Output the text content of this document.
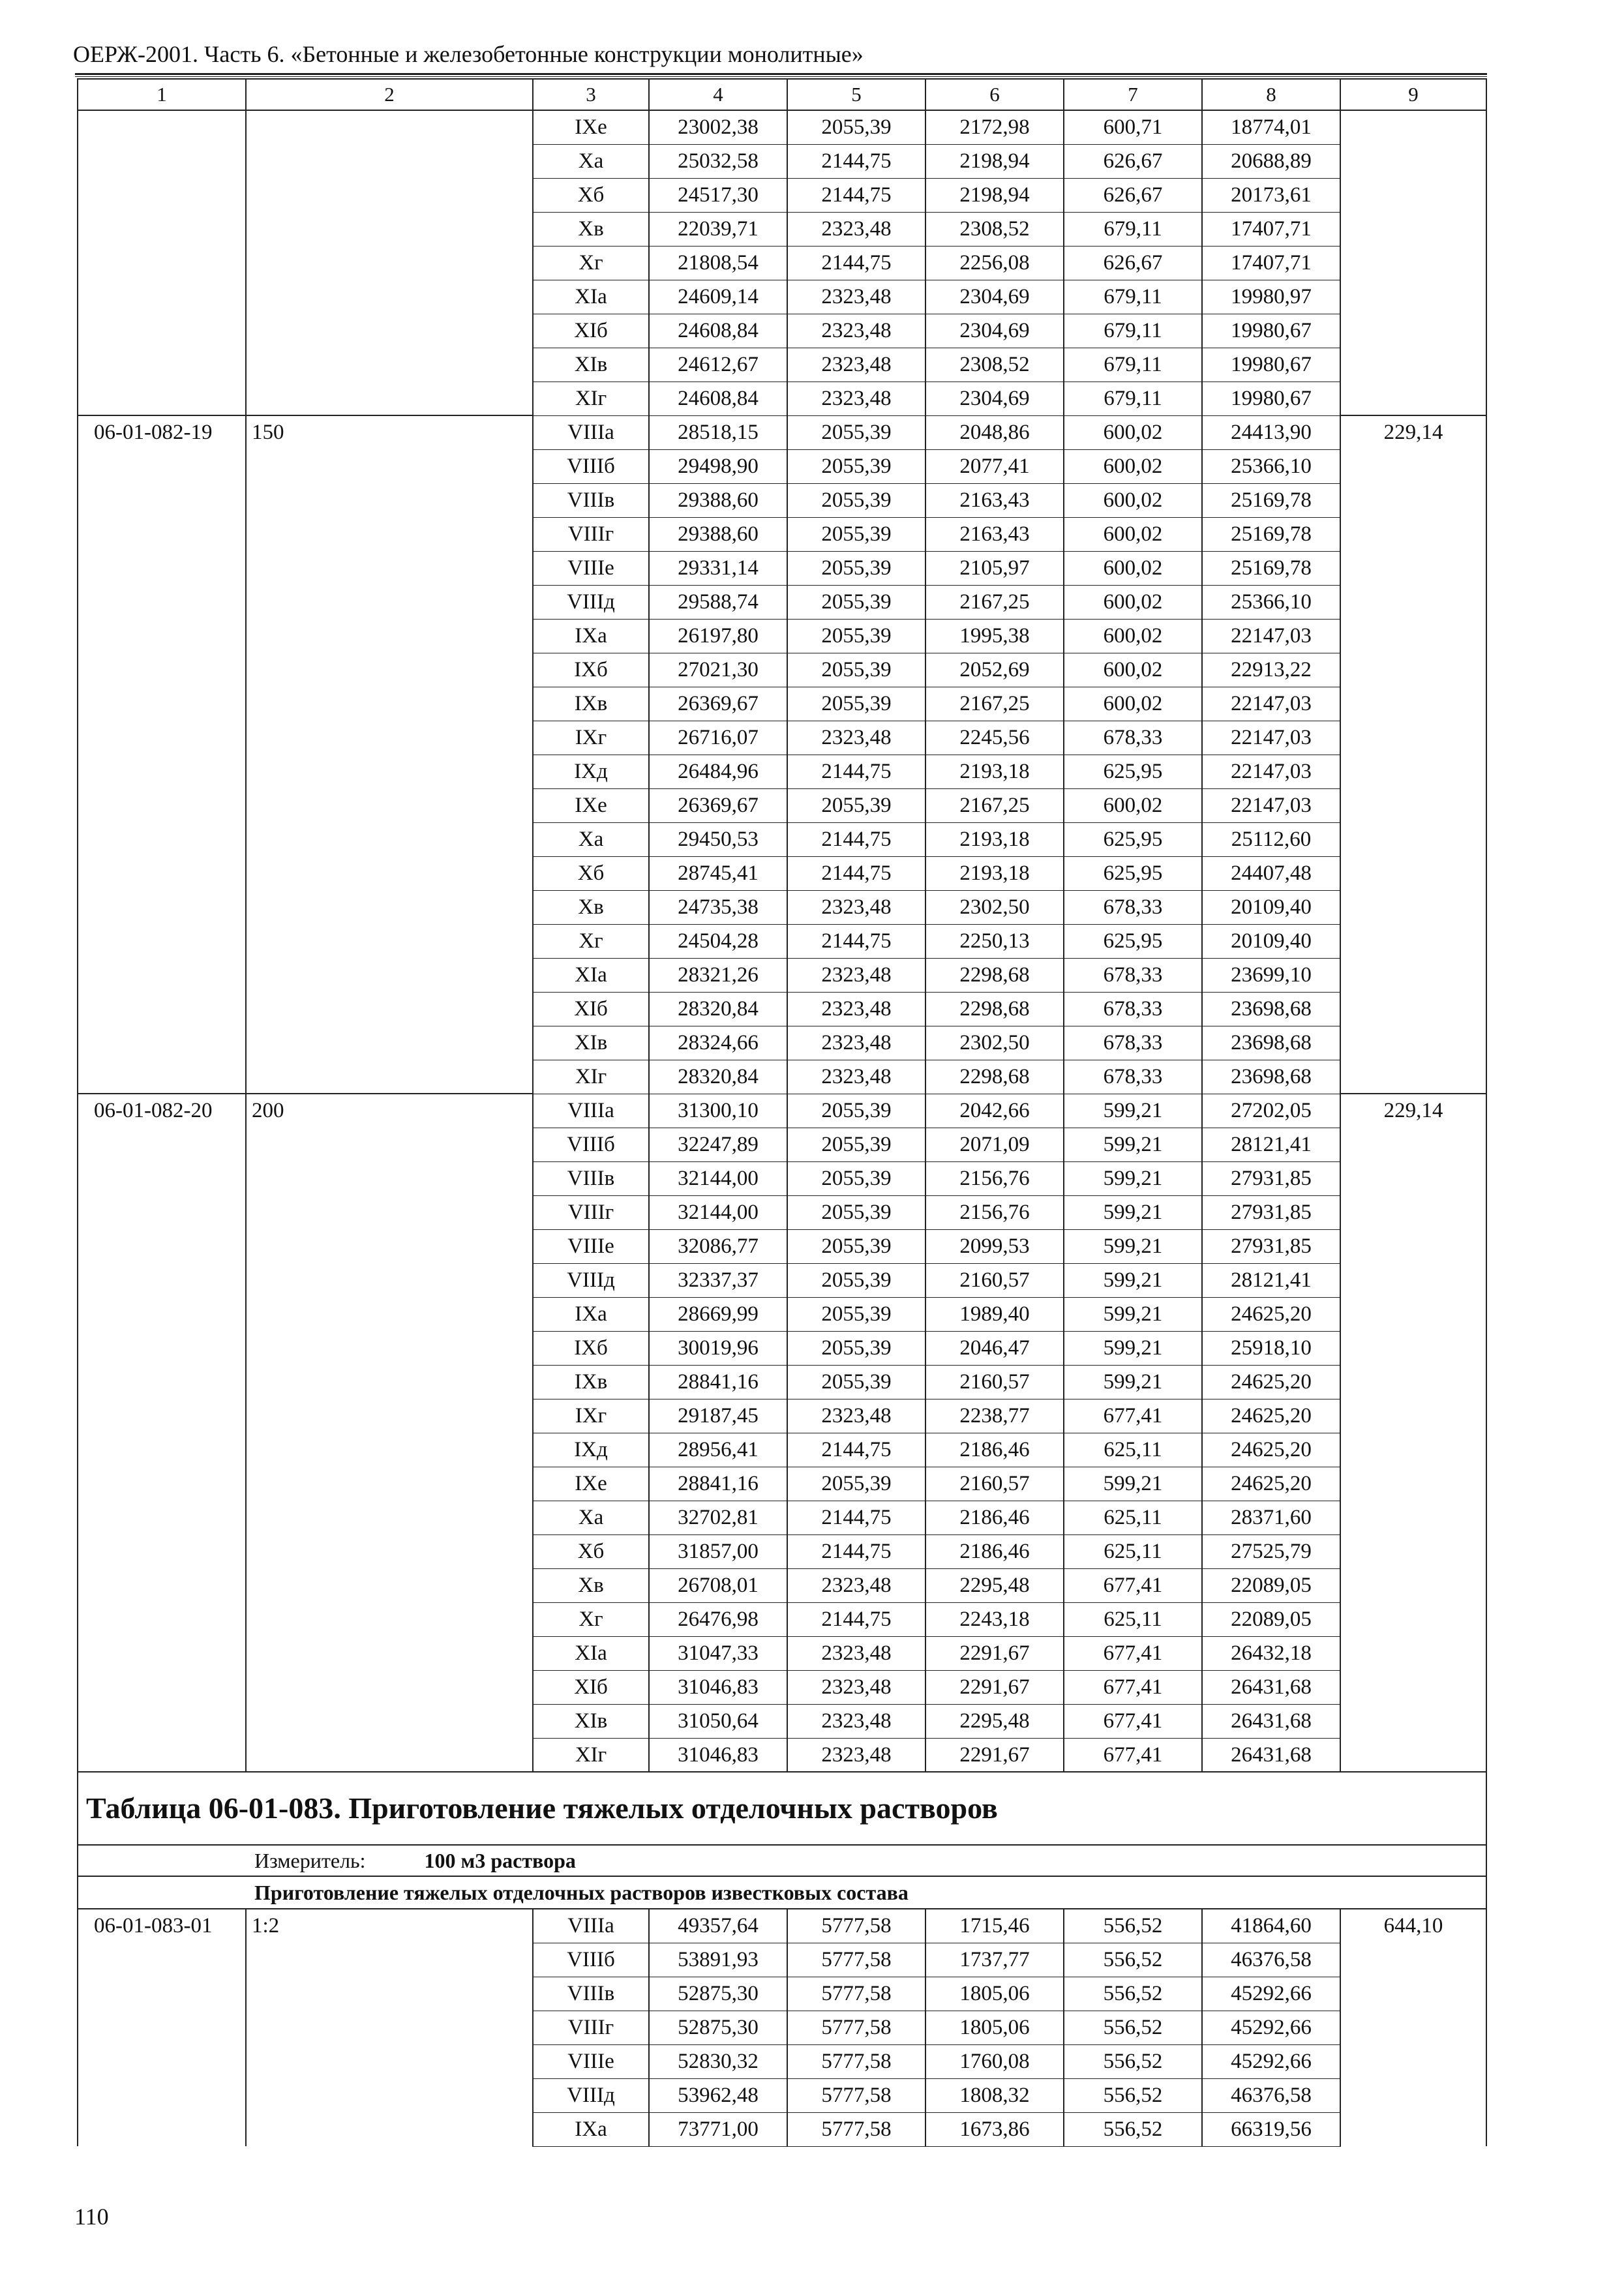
ОЕРЖ-2001. Часть 6. «Бетонные и железобетонные конструкции монолитные»
1	2	3	4	5	6	7	8	9
		IXe	23002,38	2055,39	2172,98	600,71	18774,01	
		Xa	25032,58	2144,75	2198,94	626,67	20688,89	
		Xб	24517,30	2144,75	2198,94	626,67	20173,61	
		Xв	22039,71	2323,48	2308,52	679,11	17407,71	
		Xг	21808,54	2144,75	2256,08	626,67	17407,71	
		XIa	24609,14	2323,48	2304,69	679,11	19980,97	
		XIб	24608,84	2323,48	2304,69	679,11	19980,67	
		XIв	24612,67	2323,48	2308,52	679,11	19980,67	
		XIг	24608,84	2323,48	2304,69	679,11	19980,67	
06-01-082-19	150	VIIIa	28518,15	2055,39	2048,86	600,02	24413,90	229,14
		VIIIб	29498,90	2055,39	2077,41	600,02	25366,10	
		VIIIв	29388,60	2055,39	2163,43	600,02	25169,78	
		VIIIг	29388,60	2055,39	2163,43	600,02	25169,78	
		VIIIe	29331,14	2055,39	2105,97	600,02	25169,78	
		VIIIд	29588,74	2055,39	2167,25	600,02	25366,10	
		IXa	26197,80	2055,39	1995,38	600,02	22147,03	
		IXб	27021,30	2055,39	2052,69	600,02	22913,22	
		IXв	26369,67	2055,39	2167,25	600,02	22147,03	
		IXг	26716,07	2323,48	2245,56	678,33	22147,03	
		IXд	26484,96	2144,75	2193,18	625,95	22147,03	
		IXe	26369,67	2055,39	2167,25	600,02	22147,03	
		Xa	29450,53	2144,75	2193,18	625,95	25112,60	
		Xб	28745,41	2144,75	2193,18	625,95	24407,48	
		Xв	24735,38	2323,48	2302,50	678,33	20109,40	
		Xг	24504,28	2144,75	2250,13	625,95	20109,40	
		XIa	28321,26	2323,48	2298,68	678,33	23699,10	
		XIб	28320,84	2323,48	2298,68	678,33	23698,68	
		XIв	28324,66	2323,48	2302,50	678,33	23698,68	
		XIг	28320,84	2323,48	2298,68	678,33	23698,68	
06-01-082-20	200	VIIIa	31300,10	2055,39	2042,66	599,21	27202,05	229,14
		VIIIб	32247,89	2055,39	2071,09	599,21	28121,41	
		VIIIв	32144,00	2055,39	2156,76	599,21	27931,85	
		VIIIг	32144,00	2055,39	2156,76	599,21	27931,85	
		VIIIe	32086,77	2055,39	2099,53	599,21	27931,85	
		VIIIд	32337,37	2055,39	2160,57	599,21	28121,41	
		IXa	28669,99	2055,39	1989,40	599,21	24625,20	
		IXб	30019,96	2055,39	2046,47	599,21	25918,10	
		IXв	28841,16	2055,39	2160,57	599,21	24625,20	
		IXг	29187,45	2323,48	2238,77	677,41	24625,20	
		IXд	28956,41	2144,75	2186,46	625,11	24625,20	
		IXe	28841,16	2055,39	2160,57	599,21	24625,20	
		Xa	32702,81	2144,75	2186,46	625,11	28371,60	
		Xб	31857,00	2144,75	2186,46	625,11	27525,79	
		Xв	26708,01	2323,48	2295,48	677,41	22089,05	
		Xг	26476,98	2144,75	2243,18	625,11	22089,05	
		XIa	31047,33	2323,48	2291,67	677,41	26432,18	
		XIб	31046,83	2323,48	2291,67	677,41	26431,68	
		XIв	31050,64	2323,48	2295,48	677,41	26431,68	
		XIг	31046,83	2323,48	2291,67	677,41	26431,68	
Таблица 06-01-083. Приготовление тяжелых отделочных растворов								
Измеритель: 100 м3 раствора								
Приготовление тяжелых отделочных растворов известковых состава								
06-01-083-01	1:2	VIIIa	49357,64	5777,58	1715,46	556,52	41864,60	644,10
		VIIIб	53891,93	5777,58	1737,77	556,52	46376,58	
		VIIIв	52875,30	5777,58	1805,06	556,52	45292,66	
		VIIIг	52875,30	5777,58	1805,06	556,52	45292,66	
		VIIIe	52830,32	5777,58	1760,08	556,52	45292,66	
		VIIIд	53962,48	5777,58	1808,32	556,52	46376,58	
		IXa	73771,00	5777,58	1673,86	556,52	66319,56	
110
